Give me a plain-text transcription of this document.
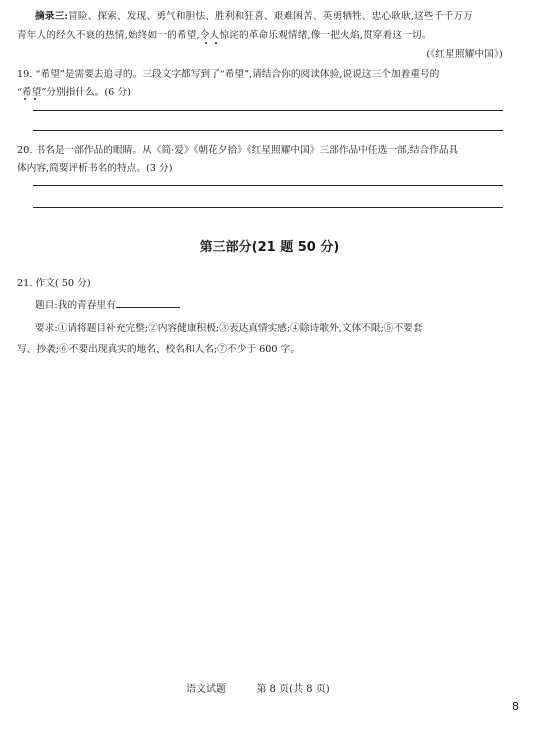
摘录三:冒险、探索、发现、勇气和胆怯、胜利和狂喜、艰难困苦、英勇牺牲、忠心耿耿,这些千千万万
青年人的经久不衰的热情,始终如一的希望,令人惊诧的革命乐观情绪,像一把火焰,贯穿着这一切。
(《红星照耀中国》)
19. “希望”是需要去追寻的。三段文字都写到了“希望”,请结合你的阅读体验,说说这三个加着重号的
“希望”分别指什么。(6 分)
20. 书名是一部作品的眼睛。从《简·爱》《朝花夕拾》《红星照耀中国》三部作品中任选一部,结合作品具
体内容,简要评析书名的特点。(3 分)
第三部分(21 题 50 分)
21. 作文( 50 分)
题目:我的青春里有
要求:①请将题目补充完整;②内容健康积极;③表达真情实感;④除诗歌外,文体不限;⑤不要套
写、抄袭;⑥不要出现真实的地名、校名和人名;⑦不少于 600 字。
语文试题	第 8 页(共 8 页)
8
